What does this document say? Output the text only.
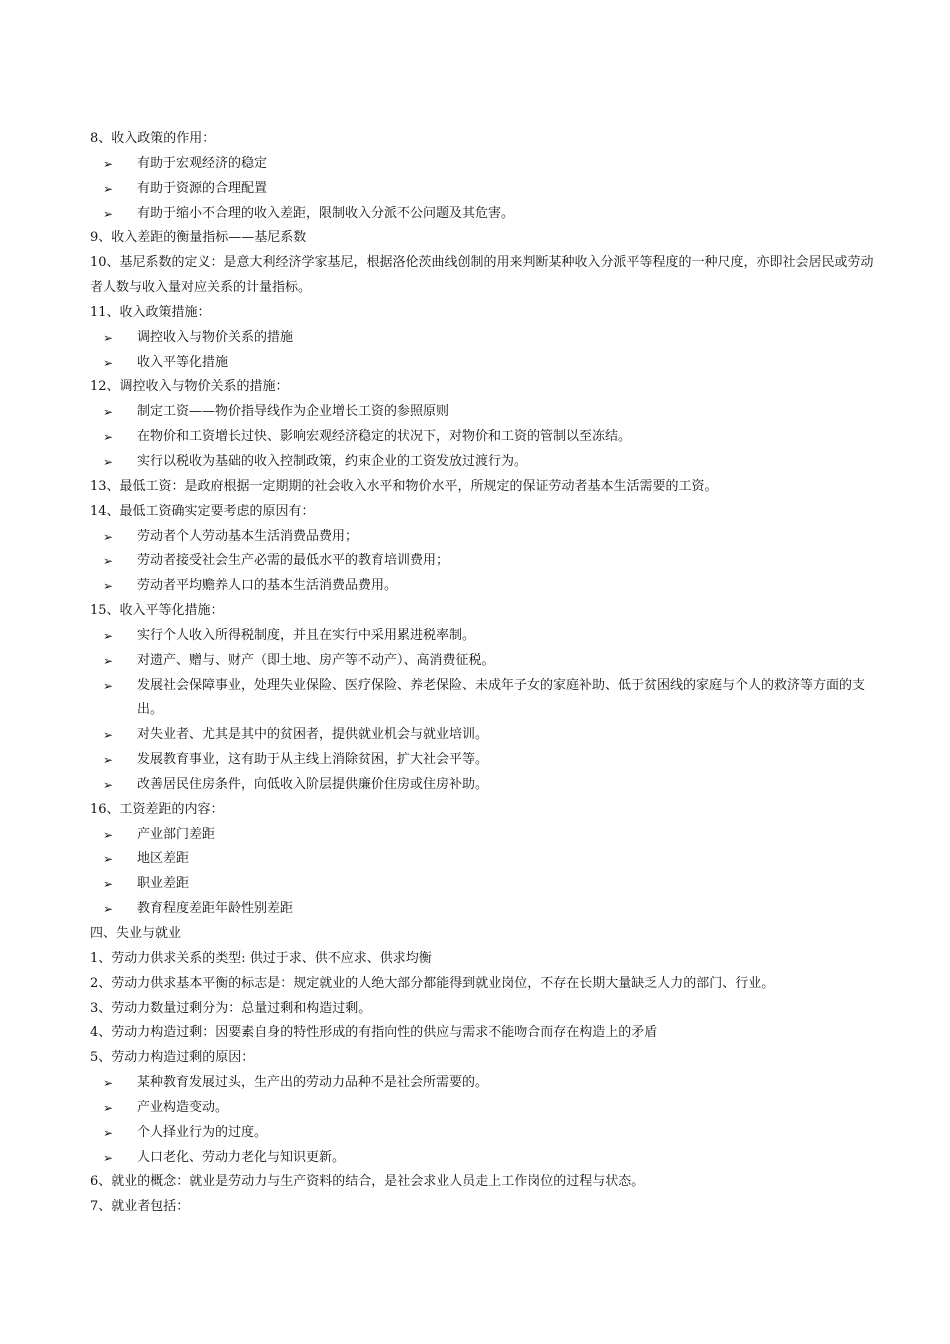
8、收入政策的作用：
➢	有助于宏观经济的稳定
➢	有助于资源的合理配置
➢	有助于缩小不合理的收入差距，限制收入分派不公问题及其危害。
9、收入差距的衡量指标——基尼系数
10、基尼系数的定义：是意大利经济学家基尼，根据洛伦茨曲线创制的用来判断某种收入分派平等程度的一种尺度，亦即社会居民或劳动者人数与收入量对应关系的计量指标。
11、收入政策措施：
➢	调控收入与物价关系的措施
➢	收入平等化措施
12、调控收入与物价关系的措施：
➢	制定工资——物价指导线作为企业增长工资的参照原则
➢	在物价和工资增长过快、影响宏观经济稳定的状况下，对物价和工资的管制以至冻结。
➢	实行以税收为基础的收入控制政策，约束企业的工资发放过渡行为。
13、最低工资：是政府根据一定期期的社会收入水平和物价水平，所规定的保证劳动者基本生活需要的工资。
14、最低工资确实定要考虑的原因有：
➢	劳动者个人劳动基本生活消费品费用；
➢	劳动者接受社会生产必需的最低水平的教育培训费用；
➢	劳动者平均赡养人口的基本生活消费品费用。
15、收入平等化措施：
➢	实行个人收入所得税制度，并且在实行中采用累进税率制。
➢	对遗产、赠与、财产（即土地、房产等不动产）、高消费征税。
➢	发展社会保障事业，处理失业保险、医疗保险、养老保险、未成年子女的家庭补助、低于贫困线的家庭与个人的救济等方面的支出。
➢	对失业者、尤其是其中的贫困者，提供就业机会与就业培训。
➢	发展教育事业，这有助于从主线上消除贫困，扩大社会平等。
➢	改善居民住房条件，向低收入阶层提供廉价住房或住房补助。
16、工资差距的内容：
➢	产业部门差距
➢	地区差距
➢	职业差距
➢	教育程度差距年龄性别差距
四、失业与就业
1、劳动力供求关系的类型: 供过于求、供不应求、供求均衡
2、劳动力供求基本平衡的标志是：规定就业的人绝大部分都能得到就业岗位，不存在长期大量缺乏人力的部门、行业。
3、劳动力数量过剩分为：总量过剩和构造过剩。
4、劳动力构造过剩：因要素自身的特性形成的有指向性的供应与需求不能吻合而存在构造上的矛盾
5、劳动力构造过剩的原因：
➢	某种教育发展过头，生产出的劳动力品种不是社会所需要的。
➢	产业构造变动。
➢	个人择业行为的过度。
➢	人口老化、劳动力老化与知识更新。
6、就业的概念：就业是劳动力与生产资料的结合，是社会求业人员走上工作岗位的过程与状态。
7、就业者包括：
